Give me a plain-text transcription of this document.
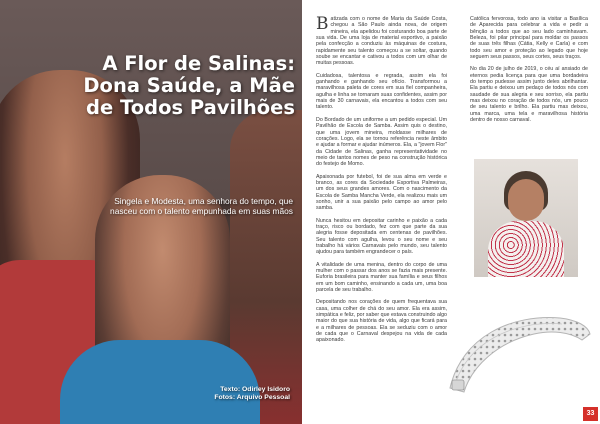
A Flor de Salinas: Dona Saúde, a Mãe de Todos Pavilhões

Singela e Modesta, uma senhora do tempo, que nasceu com o talento empunhada em suas mãos

Texto: Odirley Isidoro
Fotos: Arquivo Pessoal

Batizada com o nome de Maria da Saúde Costa, chegou a São Paulo ainda nova, de origem mineira, ela apelidou foi costurando boa parte de sua vida. De uma loja de material esportivo, a paixão pela confecção a conduziu às máquinas de costura, rapidamente seu talento começou a se soltar, quando soube se encantar e cativou a todos com um olhar de muitas pessoas.

Cuidadosa, talentosa e regrada, assim ela foi ganhando e ganhando seu ofício. Transformou a maravilhosa paleta de cores em sua fiel companheira, agulha e linha se tornaram suas confidentes, assim por mais de 30 carnavais, ela encantou a todos com seu talento.

Do Bordado de um uniforme a um pedido especial. Um Pavilhão de Escola de Samba. Assim quis o destino, que uma jovem mineira, moldasse milhares de corações. Logo, ela se tornou referência neste âmbito e ajudar a formar e ajudar inúmeros. Ela, a "jovem Flor" da Cidade de Salinas, ganha representatividade no meio de tantos nomes de peso na construção histórica do festejo de Momo.

Apaixonada por futebol, foi de sua alma em verde e branco, as cores da Sociedade Esportiva Palmeiras, um dos seus grandes amores. Com o nascimento da Escola de Samba Mancha Verde, ela realizou mais um sonho, unir a sua paixão pelo campo ao amor pelo samba.

Nunca hesitou em depositar carinho e paixão a cada traço, risco ou bordado, fez com que parte da sua alegria fosse depositada em centenas de pavilhões. Seu talento com agulha, levou o seu nome e seu trabalho há vários Carnavais pelo mundo, seu talento ajudou para também engrandecer o país.

A vitalidade de uma menina, dentro do corpo de uma mulher com o passar dos anos se fazia mais presente. Euforia brasileira para manter sua família e seus filhos em um bom caminho, ensinando a cada um, uma boa parcela de seu trabalho.

Depositando nos corações de quem frequentava sua casa, uma colher de chá do seu amor. Ela era assim, simpática e feliz, por saber que estava construindo algo maior do que sua história de vida, algo que ficará para e a milhares de pessoas. Ela se seduziu com o amor de cada que o Carnaval despejou na vida de cada apaixonado.

Católica fervorosa, todo ano ia visitar a Basílica de Aparecida para celebrar a vida e pedir a bênção a todos que ao seu lado caminhavam. Beleza, foi pilar principal para moldar os passos de suas três filhas (Cátia, Kelly e Carla) e com todo seu amor e proteção ao legado que hoje seguem seus passos, seus cortes, seus traços.

No dia 20 de julho de 2019, o céu aí ansiado de eternos pedia licença para que uma bordadeira do tempo pudesse assim junto deles abrilhantar. Ela partiu e deixou um pedaço de todos nós com saudade de sua alegria e seu sorriso, ela partiu mas deixou no coração de todos nós, um pouco de seu talento e brilho. Ela partiu mas deixou, uma marca, uma tela e maravilhosa história dentro de nosso carnaval.

33
